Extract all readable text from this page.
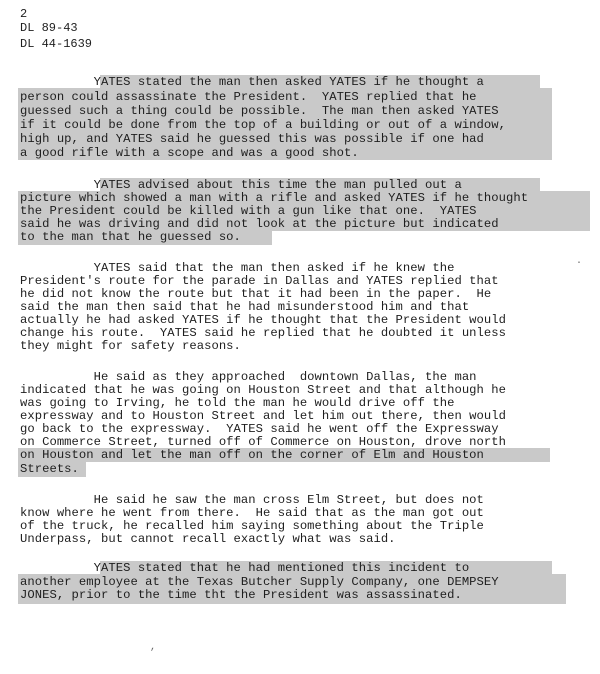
2
DL 89-43
DL 44-1639
YATES stated the man then asked YATES if he thought a
person could assassinate the President.  YATES replied that he
guessed such a thing could be possible.  The man then asked YATES
if it could be done from the top of a building or out of a window,
high up, and YATES said he guessed this was possible if one had
a good rifle with a scope and was a good shot.
YATES advised about this time the man pulled out a
picture which showed a man with a rifle and asked YATES if he thought
the President could be killed with a gun like that one.  YATES
said he was driving and did not look at the picture but indicated
to the man that he guessed so.
YATES said that the man then asked if he knew the
President's route for the parade in Dallas and YATES replied that
he did not know the route but that it had been in the paper.  He
said the man then said that he had misunderstood him and that
actually he had asked YATES if he thought that the President would
change his route.  YATES said he replied that he doubted it unless
they might for safety reasons.
He said as they approached  downtown Dallas, the man
indicated that he was going on Houston Street and that although he
was going to Irving, he told the man he would drive off the
expressway and to Houston Street and let him out there, then would
go back to the expressway.  YATES said he went off the Expressway
on Commerce Street, turned off of Commerce on Houston, drove north
on Houston and let the man off on the corner of Elm and Houston
Streets.
He said he saw the man cross Elm Street, but does not
know where he went from there.  He said that as the man got out
of the truck, he recalled him saying something about the Triple
Underpass, but cannot recall exactly what was said.
YATES stated that he had mentioned this incident to
another employee at the Texas Butcher Supply Company, one DEMPSEY
JONES, prior to the time tht the President was assassinated.
·
,
